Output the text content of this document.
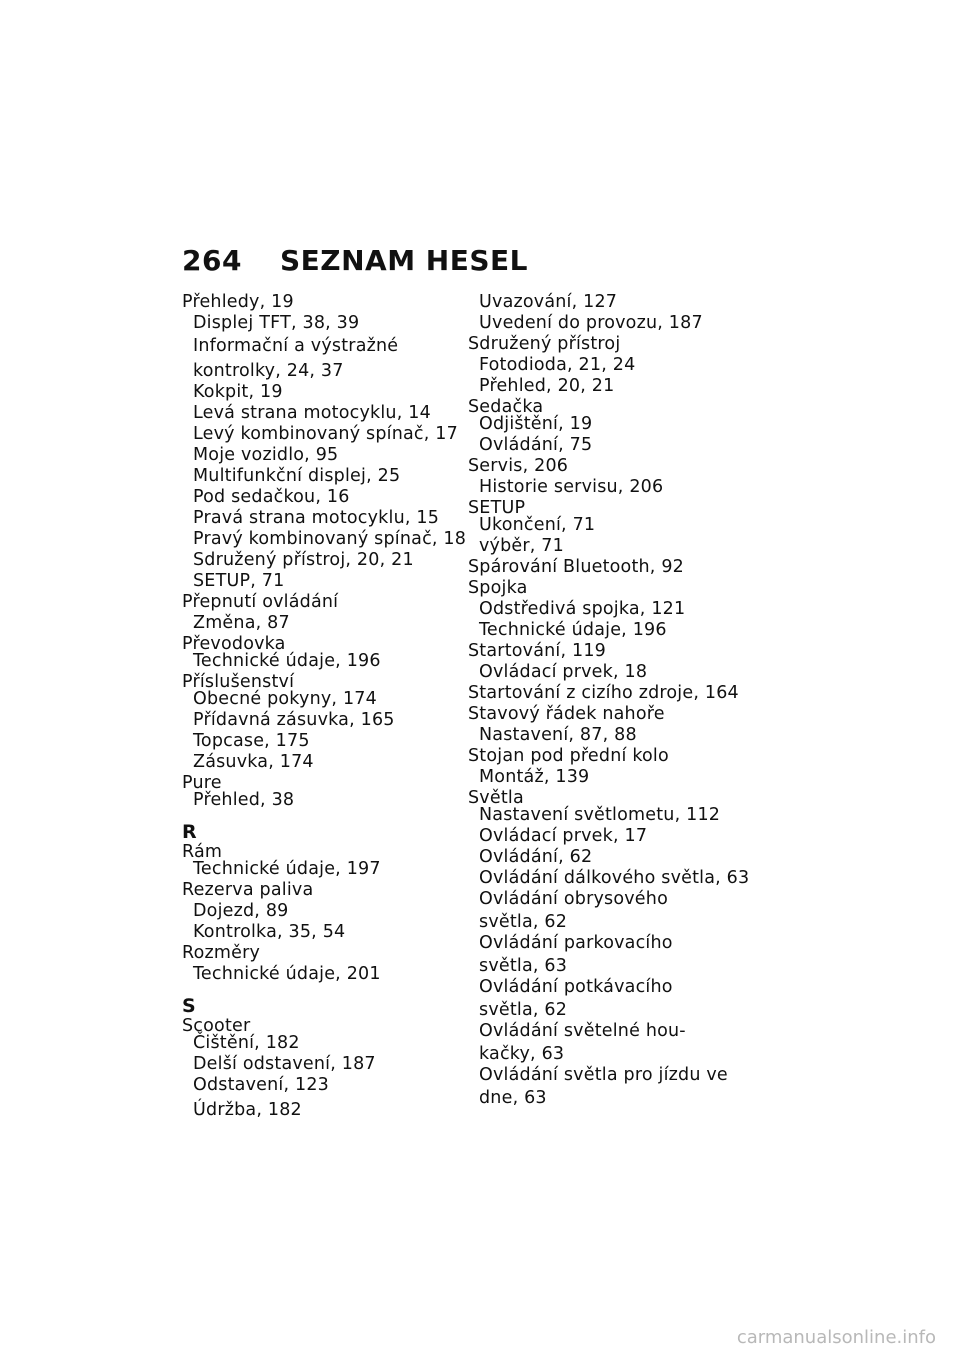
264 SEZNAM HESEL
Přehledy, 19
Displej TFT, 38, 39
Informační a výstražné
kontrolky, 24, 37
Kokpit, 19
Levá strana motocyklu, 14
Levý kombinovaný spínač, 17
Moje vozidlo, 95
Multifunkční displej, 25
Pod sedačkou, 16
Pravá strana motocyklu, 15
Pravý kombinovaný spínač, 18
Sdružený přístroj, 20, 21
SETUP, 71
Přepnutí ovládání
Změna, 87
Převodovka
Technické údaje, 196
Příslušenství
Obecné pokyny, 174
Přídavná zásuvka, 165
Topcase, 175
Zásuvka, 174
Pure
Přehled, 38
R
Rám
Technické údaje, 197
Rezerva paliva
Dojezd, 89
Kontrolka, 35, 54
Rozměry
Technické údaje, 201
S
Scooter
Čištění, 182
Delší odstavení, 187
Odstavení, 123
Údržba, 182
Uvazování, 127
Uvedení do provozu, 187
Sdružený přístroj
Fotodioda, 21, 24
Přehled, 20, 21
Sedačka
Odjištění, 19
Ovládání, 75
Servis, 206
Historie servisu, 206
SETUP
Ukončení, 71
výběr, 71
Spárování Bluetooth, 92
Spojka
Odstředivá spojka, 121
Technické údaje, 196
Startování, 119
Ovládací prvek, 18
Startování z cizího zdroje, 164
Stavový řádek nahoře
Nastavení, 87, 88
Stojan pod přední kolo
Montáž, 139
Světla
Nastavení světlometu, 112
Ovládací prvek, 17
Ovládání, 62
Ovládání dálkového světla, 63
Ovládání obrysového
světla, 62
Ovládání parkovacího
světla, 63
Ovládání potkávacího
světla, 62
Ovládání světelné hou-
kačky, 63
Ovládání světla pro jízdu ve
dne, 63
carmanualsonline.info
